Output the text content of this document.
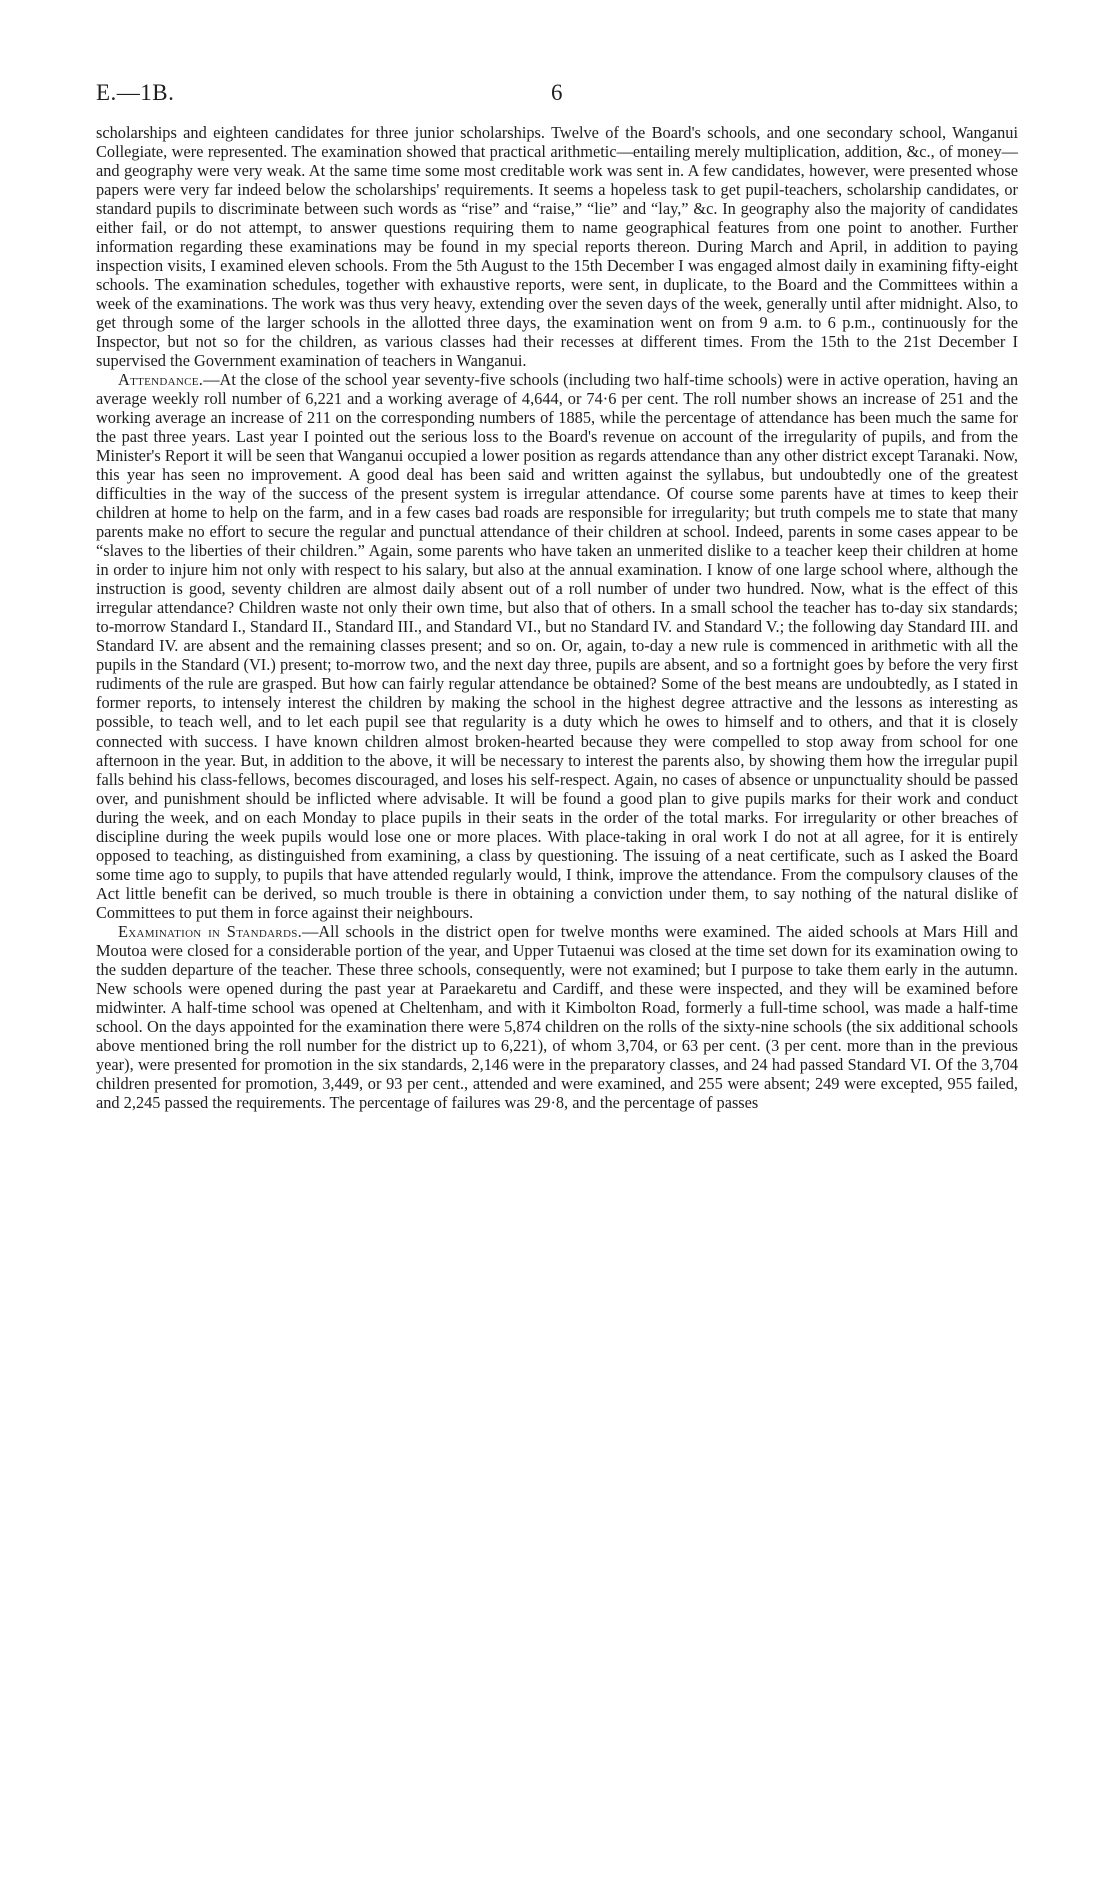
E.—1B.	6

scholarships and eighteen candidates for three junior scholarships. Twelve of the Board's schools, and one secondary school, Wanganui Collegiate, were represented. The examination showed that practical arithmetic—entailing merely multiplication, addition, &c., of money—and geography were very weak. At the same time some most creditable work was sent in. A few candidates, however, were presented whose papers were very far indeed below the scholarships' requirements. It seems a hopeless task to get pupil-teachers, scholarship candidates, or standard pupils to discriminate between such words as “rise” and “raise,” “lie” and “lay,” &c. In geography also the majority of candidates either fail, or do not attempt, to answer questions requiring them to name geographical features from one point to another. Further information regarding these examinations may be found in my special reports thereon. During March and April, in addition to paying inspection visits, I examined eleven schools. From the 5th August to the 15th December I was engaged almost daily in examining fifty-eight schools. The examination schedules, together with exhaustive reports, were sent, in duplicate, to the Board and the Committees within a week of the examinations. The work was thus very heavy, extending over the seven days of the week, generally until after midnight. Also, to get through some of the larger schools in the allotted three days, the examination went on from 9 a.m. to 6 p.m., continuously for the Inspector, but not so for the children, as various classes had their recesses at different times. From the 15th to the 21st December I supervised the Government examination of teachers in Wanganui.

Attendance.—At the close of the school year seventy-five schools (including two half-time schools) were in active operation, having an average weekly roll number of 6,221 and a working average of 4,644, or 74·6 per cent. The roll number shows an increase of 251 and the working average an increase of 211 on the corresponding numbers of 1885, while the percentage of attendance has been much the same for the past three years. Last year I pointed out the serious loss to the Board's revenue on account of the irregularity of pupils, and from the Minister's Report it will be seen that Wanganui occupied a lower position as regards attendance than any other district except Taranaki. Now, this year has seen no improvement. A good deal has been said and written against the syllabus, but undoubtedly one of the greatest difficulties in the way of the success of the present system is irregular attendance. Of course some parents have at times to keep their children at home to help on the farm, and in a few cases bad roads are responsible for irregularity; but truth compels me to state that many parents make no effort to secure the regular and punctual attendance of their children at school. Indeed, parents in some cases appear to be “slaves to the liberties of their children.” Again, some parents who have taken an unmerited dislike to a teacher keep their children at home in order to injure him not only with respect to his salary, but also at the annual examination. I know of one large school where, although the instruction is good, seventy children are almost daily absent out of a roll number of under two hundred. Now, what is the effect of this irregular attendance? Children waste not only their own time, but also that of others. In a small school the teacher has to-day six standards; to-morrow Standard I., Standard II., Standard III., and Standard VI., but no Standard IV. and Standard V.; the following day Standard III. and Standard IV. are absent and the remaining classes present; and so on. Or, again, to-day a new rule is commenced in arithmetic with all the pupils in the Standard (VI.) present; to-morrow two, and the next day three, pupils are absent, and so a fortnight goes by before the very first rudiments of the rule are grasped. But how can fairly regular attendance be obtained? Some of the best means are undoubtedly, as I stated in former reports, to intensely interest the children by making the school in the highest degree attractive and the lessons as interesting as possible, to teach well, and to let each pupil see that regularity is a duty which he owes to himself and to others, and that it is closely connected with success. I have known children almost broken-hearted because they were compelled to stop away from school for one afternoon in the year. But, in addition to the above, it will be necessary to interest the parents also, by showing them how the irregular pupil falls behind his class-fellows, becomes discouraged, and loses his self-respect. Again, no cases of absence or unpunctuality should be passed over, and punishment should be inflicted where advisable. It will be found a good plan to give pupils marks for their work and conduct during the week, and on each Monday to place pupils in their seats in the order of the total marks. For irregularity or other breaches of discipline during the week pupils would lose one or more places. With place-taking in oral work I do not at all agree, for it is entirely opposed to teaching, as distinguished from examining, a class by questioning. The issuing of a neat certificate, such as I asked the Board some time ago to supply, to pupils that have attended regularly would, I think, improve the attendance. From the compulsory clauses of the Act little benefit can be derived, so much trouble is there in obtaining a conviction under them, to say nothing of the natural dislike of Committees to put them in force against their neighbours.

Examination in Standards.—All schools in the district open for twelve months were examined. The aided schools at Mars Hill and Moutoa were closed for a considerable portion of the year, and Upper Tutaenui was closed at the time set down for its examination owing to the sudden departure of the teacher. These three schools, consequently, were not examined; but I purpose to take them early in the autumn. New schools were opened during the past year at Paraekaretu and Cardiff, and these were inspected, and they will be examined before midwinter. A half-time school was opened at Cheltenham, and with it Kimbolton Road, formerly a full-time school, was made a half-time school. On the days appointed for the examination there were 5,874 children on the rolls of the sixty-nine schools (the six additional schools above mentioned bring the roll number for the district up to 6,221), of whom 3,704, or 63 per cent. (3 per cent. more than in the previous year), were presented for promotion in the six standards, 2,146 were in the preparatory classes, and 24 had passed Standard VI. Of the 3,704 children presented for promotion, 3,449, or 93 per cent., attended and were examined, and 255 were absent; 249 were excepted, 955 failed, and 2,245 passed the requirements. The percentage of failures was 29·8, and the percentage of passes
